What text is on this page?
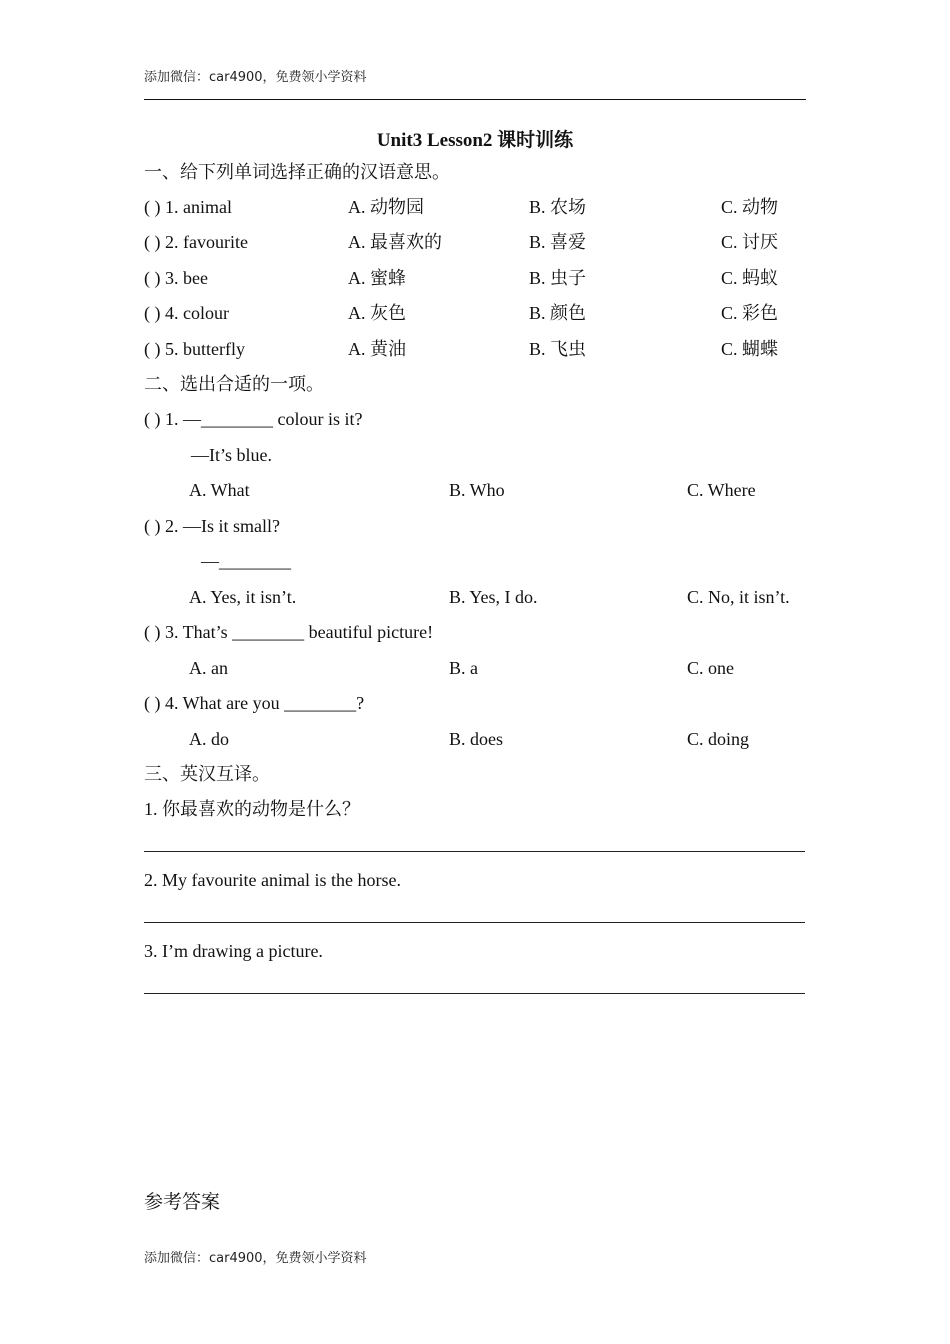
添加微信：car4900，免费领小学资料
Unit3 Lesson2 课时训练
一、给下列单词选择正确的汉语意思。
( ) 1. animal	A. 动物园	B. 农场	C. 动物
( ) 2. favourite	A. 最喜欢的	B. 喜爱	C. 讨厌
( ) 3. bee	A. 蜜蜂	B. 虫子	C. 蚂蚁
( ) 4. colour	A. 灰色	B. 颜色	C. 彩色
( ) 5. butterfly	A. 黄油	B. 飞虫	C. 蝴蝶
二、选出合适的一项。
( ) 1. —________ colour is it?
—It’s blue.
A. What	B. Who	C. Where
( ) 2. —Is it small?
—________
A. Yes, it isn’t.	B. Yes, I do.	C. No, it isn’t.
( ) 3. That’s ________ beautiful picture!
A. an	B. a	C. one
( ) 4. What are you ________?
A. do	B. does	C. doing
三、英汉互译。
1. 你最喜欢的动物是什么？
2. My favourite animal is the horse.
3. I’m drawing a picture.
参考答案
添加微信：car4900，免费领小学资料
